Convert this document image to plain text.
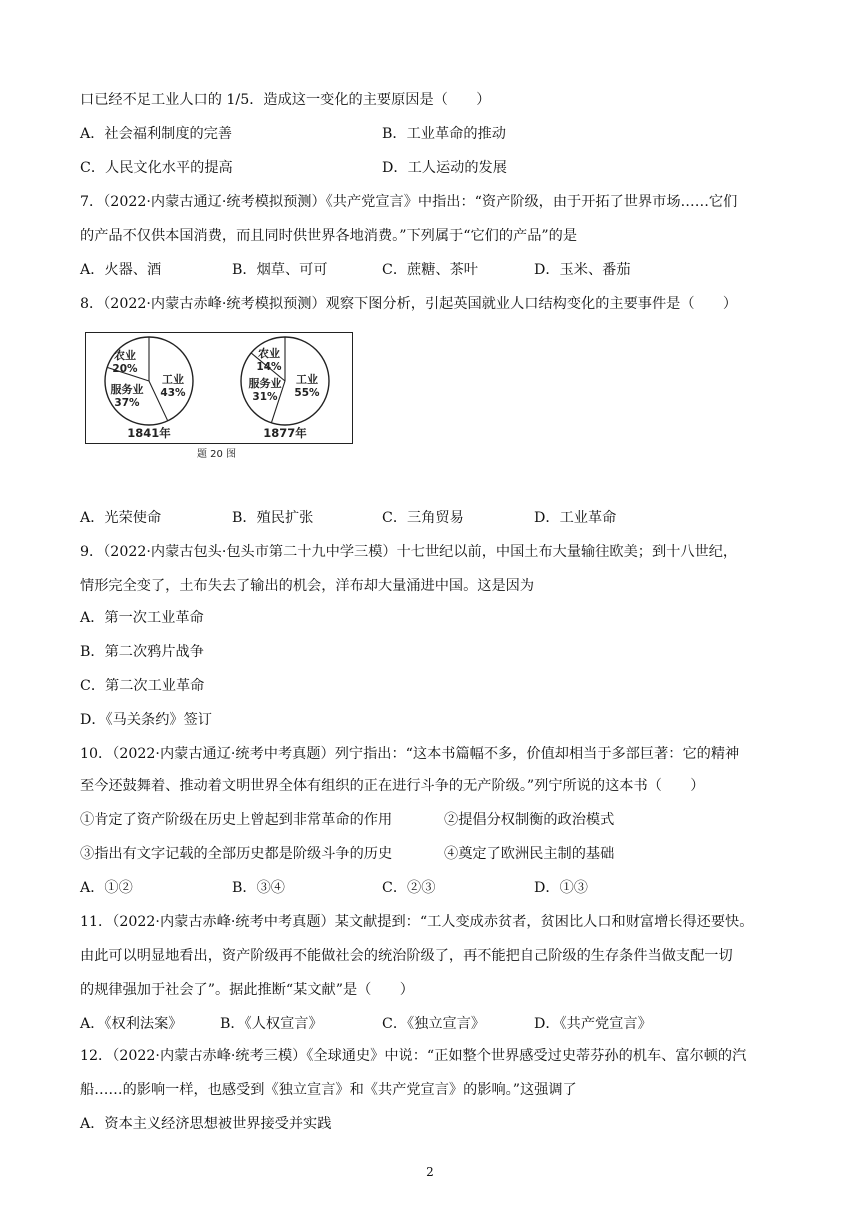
口已经不足工业人口的 1/5．造成这一变化的主要原因是（　　）
A．社会福利制度的完善	B．工业革命的推动
C．人民文化水平的提高	D．工人运动的发展
7．（2022·内蒙古通辽·统考模拟预测）《共产党宣言》中指出：“资产阶级，由于开拓了世界市场……它们
的产品不仅供本国消费，而且同时供世界各地消费。”下列属于“它们的产品”的是
A．火器、酒	B．烟草、可可	C．蔗糖、茶叶	D．玉米、番茄
8．（2022·内蒙古赤峰·统考模拟预测）观察下图分析，引起英国就业人口结构变化的主要事件是（　　）
农业
20%
工业
43%
服务业
37%
1841年
农业
14%
工业
55%
服务业
31%
1877年
题 20 图
A．光荣使命	B．殖民扩张	C．三角贸易	D．工业革命
9．（2022·内蒙古包头·包头市第二十九中学三模）十七世纪以前，中国土布大量输往欧美；到十八世纪，
情形完全变了，土布失去了输出的机会，洋布却大量涌进中国。这是因为
A．第一次工业革命
B．第二次鸦片战争
C．第二次工业革命
D．《马关条约》签订
10．（2022·内蒙古通辽·统考中考真题）列宁指出：“这本书篇幅不多，价值却相当于多部巨著：它的精神
至今还鼓舞着、推动着文明世界全体有组织的正在进行斗争的无产阶级。”列宁所说的这本书（　　）
①肯定了资产阶级在历史上曾起到非常革命的作用	②提倡分权制衡的政治模式
③指出有文字记载的全部历史都是阶级斗争的历史	④奠定了欧洲民主制的基础
A．①②	B．③④	C．②③	D．①③
11．（2022·内蒙古赤峰·统考中考真题）某文献提到：“工人变成赤贫者，贫困比人口和财富增长得还要快。
由此可以明显地看出，资产阶级再不能做社会的统治阶级了，再不能把自己阶级的生存条件当做支配一切
的规律强加于社会了”。据此推断“某文献”是（　　）
A．《权利法案》	B．《人权宣言》	C．《独立宣言》	D．《共产党宣言》
12．（2022·内蒙古赤峰·统考三模）《全球通史》中说：“正如整个世界感受过史蒂芬孙的机车、富尔顿的汽
船……的影响一样，也感受到《独立宣言》和《共产党宣言》的影响。”这强调了
A．资本主义经济思想被世界接受并实践
2
